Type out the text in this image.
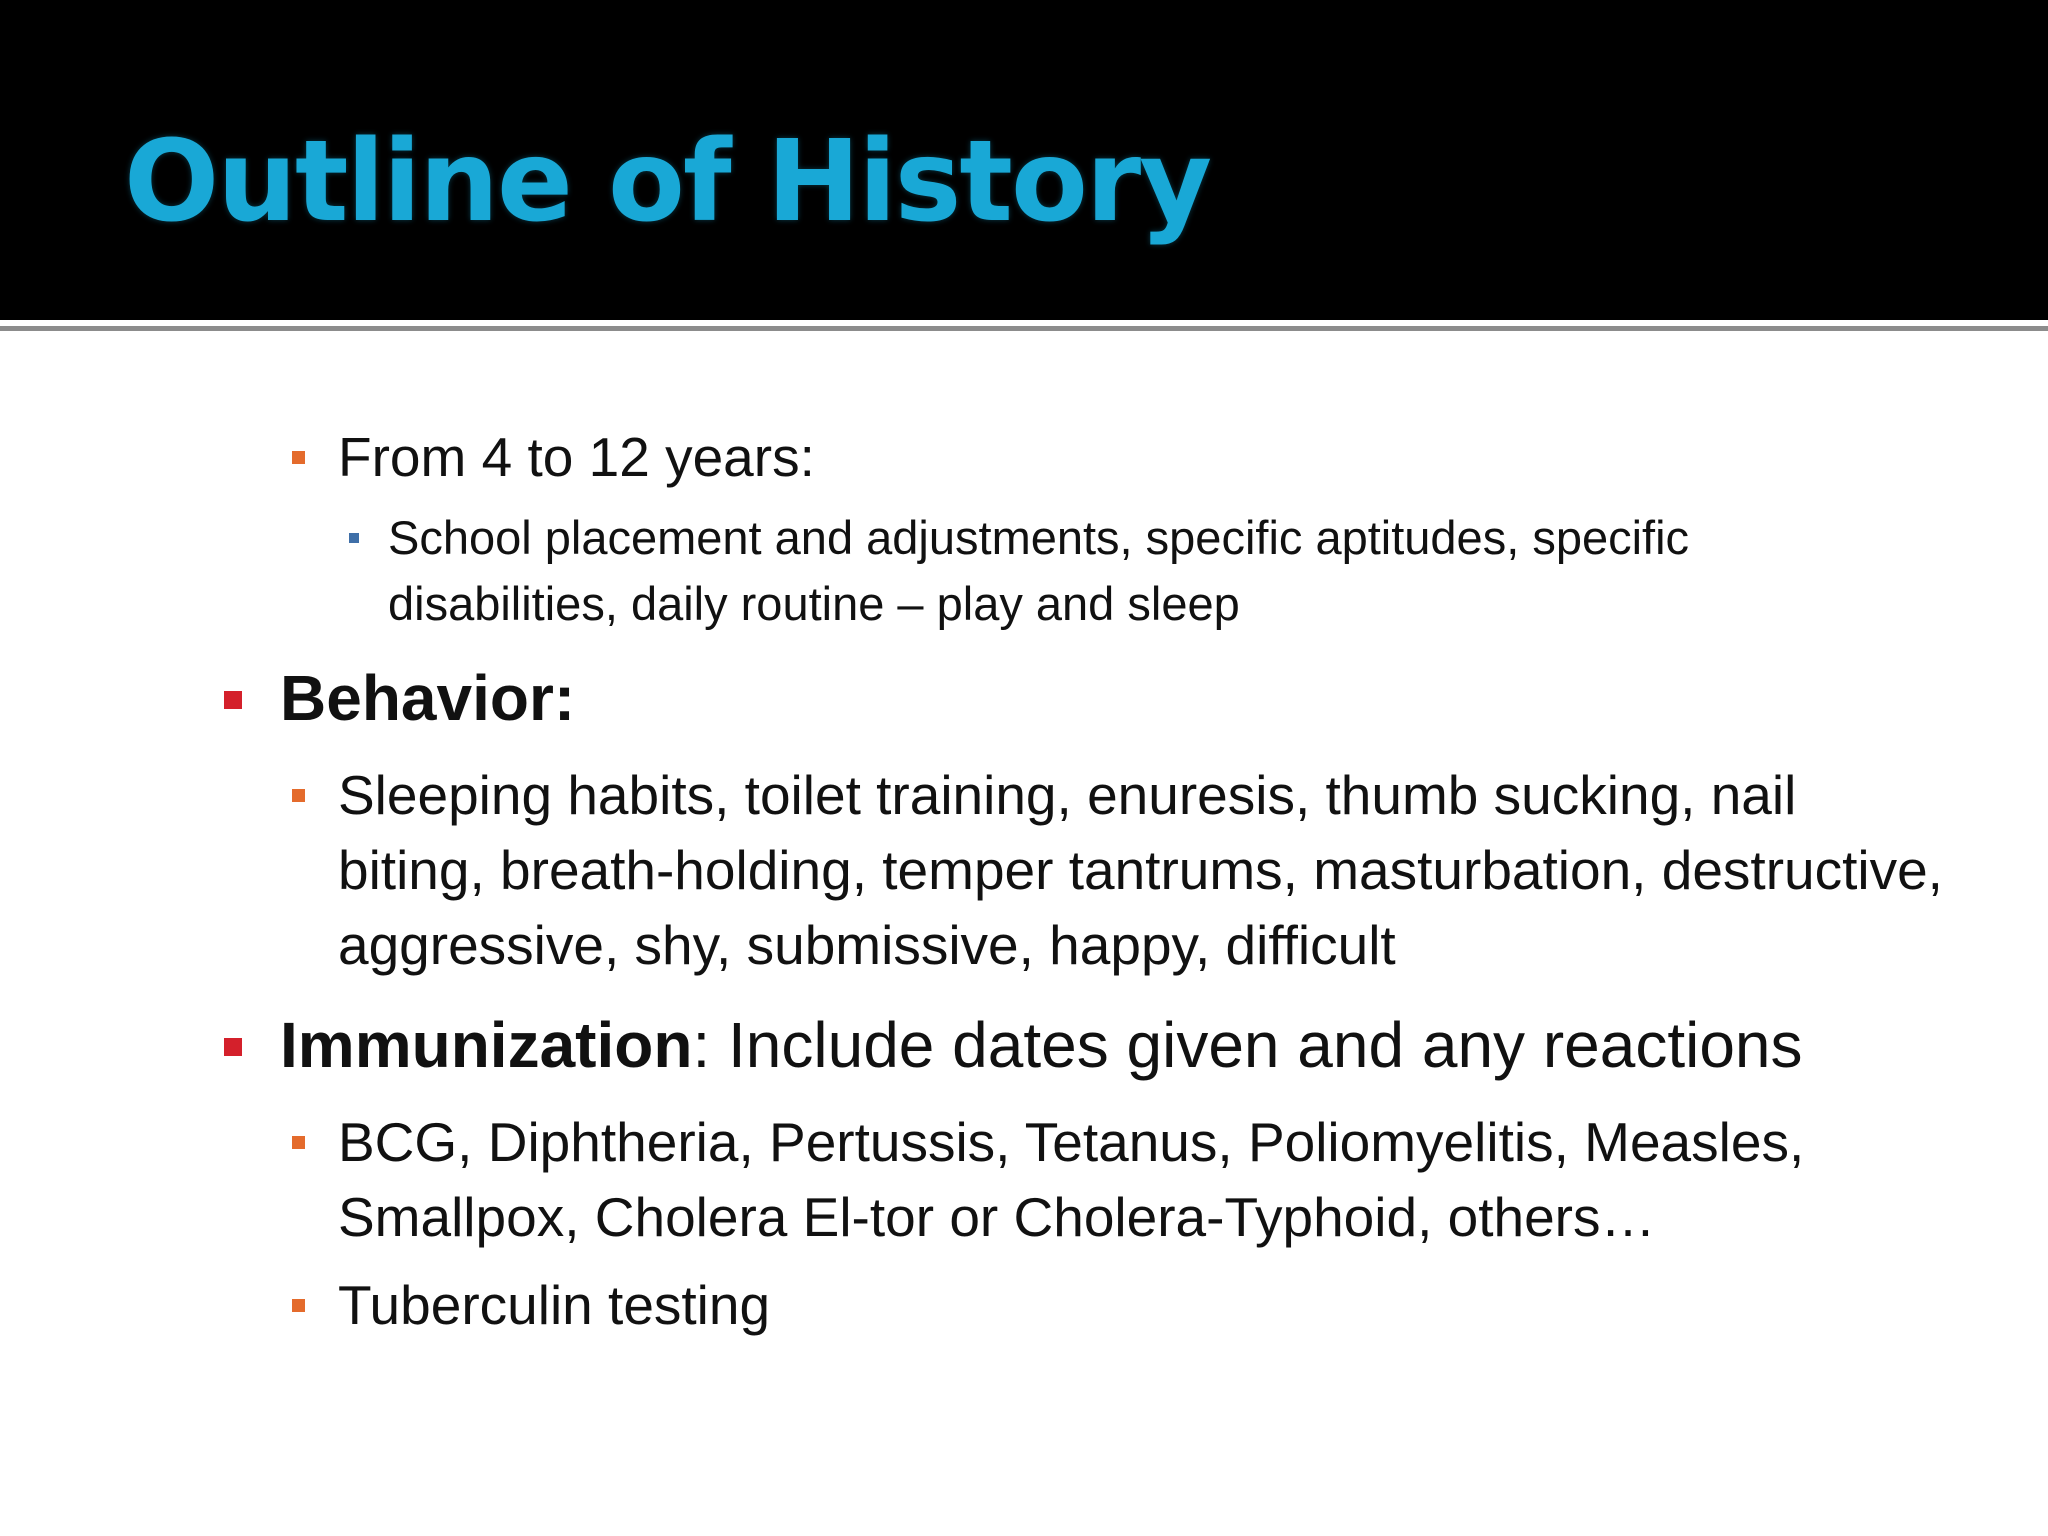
Outline of History
From 4 to 12 years:
School placement and adjustments, specific aptitudes, specific disabilities, daily routine – play and sleep
Behavior:
Sleeping habits, toilet training, enuresis, thumb sucking, nail biting, breath-holding, temper tantrums, masturbation, destructive, aggressive, shy, submissive, happy, difficult
Immunization: Include dates given and any reactions
BCG, Diphtheria, Pertussis, Tetanus, Poliomyelitis, Measles, Smallpox, Cholera El-tor or Cholera-Typhoid, others…
Tuberculin testing
